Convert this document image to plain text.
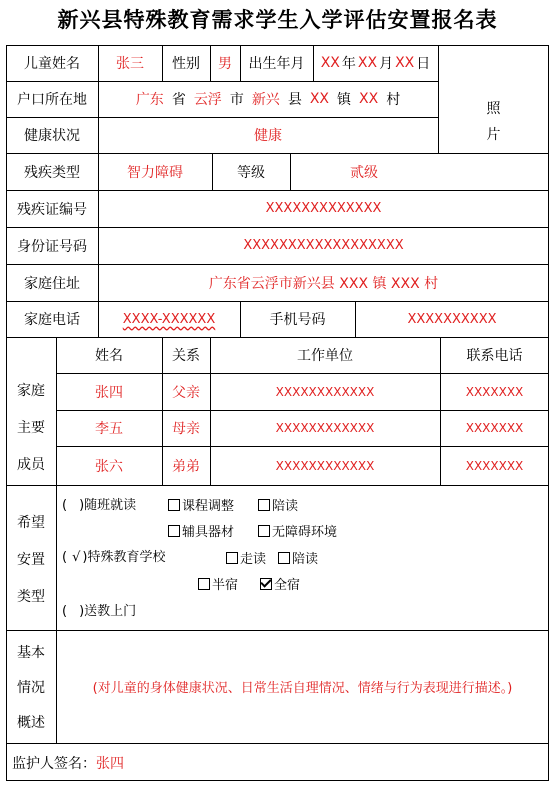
新兴县特殊教育需求学生入学评估安置报名表
儿童姓名	张三	性别	男	出生年月	XX 年 XX 月 XX 日
照
片
户口所在地	广东 省 云浮 市 新兴 县 XX 镇 XX 村
健康状况	健康
残疾类型	智力障碍	等级	贰级
残疾证编号	XXXXXXXXXXXXX
身份证号码	XXXXXXXXXXXXXXXXXX
家庭住址	广东省云浮市新兴县 XXX 镇 XXX 村
家庭电话	XXXX-XXXXXX	手机号码	XXXXXXXXXX
家庭
主要
成员
姓名	关系	工作单位	联系电话
张四	父亲	XXXXXXXXXXXX	XXXXXXX
李五	母亲	XXXXXXXXXXXX	XXXXXXX
张六	弟弟	XXXXXXXXXXXX	XXXXXXX
希望
安置
类型
( )随班就读	课程调整	陪读
辅具器材	无障碍环境
( √ )特殊教育学校	走读	陪读
半宿	全宿
( )送教上门
基本
情况
概述
(对儿童的身体健康状况、日常生活自理情况、情绪与行为表现进行描述。)
监护人签名：张四
